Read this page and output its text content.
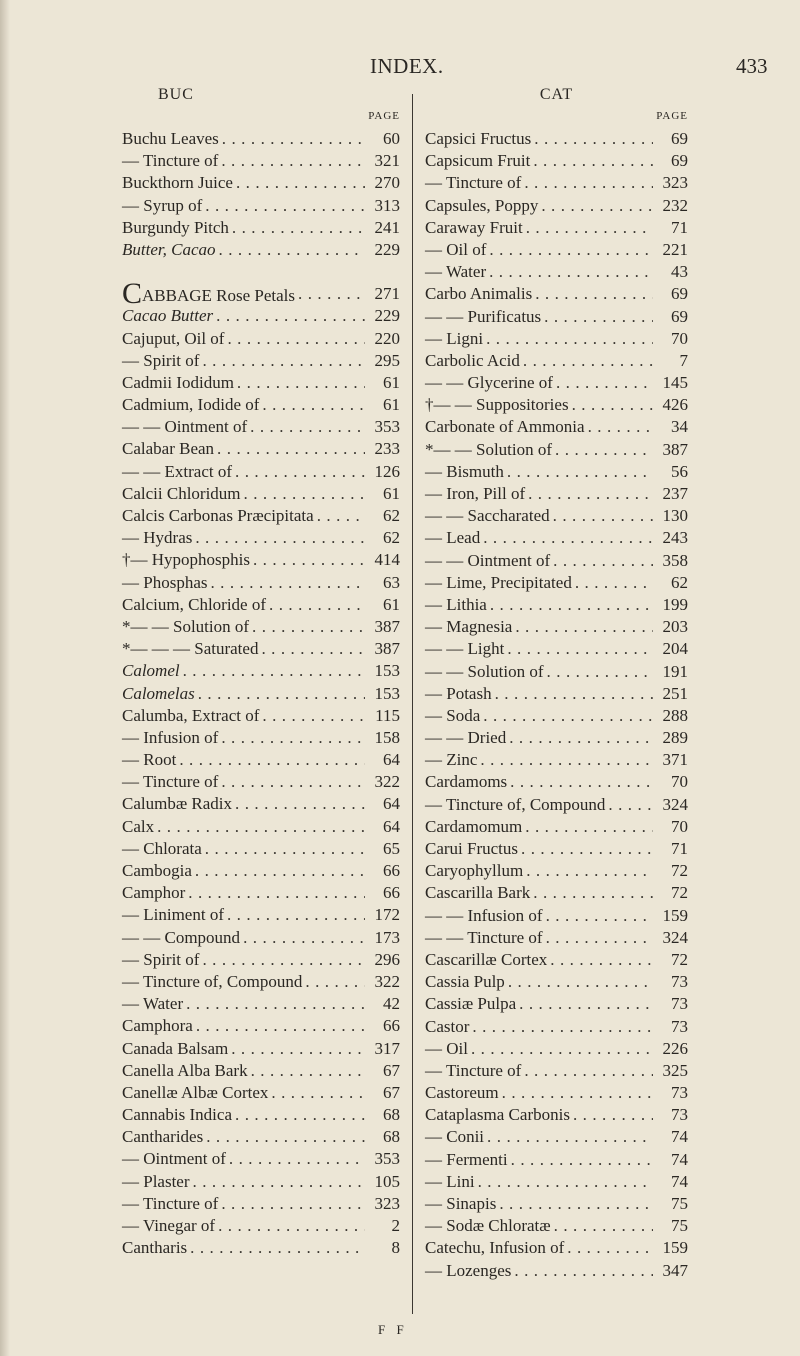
INDEX.	433
BUC
PAGE
Buchu Leaves . . .	60
— Tincture of . . .	321
Buckthorn Juice . . .	270
— Syrup of . . .	313
Burgundy Pitch . . .	241
Butter, Cacao . . .	229
CABBAGE Rose Petals . . .	271
Cacao Butter . . .	229
Cajuput, Oil of . . .	220
— Spirit of . . .	295
Cadmii Iodidum . . .	61
Cadmium, Iodide of . . .	61
— — Ointment of . . .	353
Calabar Bean . . .	233
— — Extract of . . .	126
Calcii Chloridum . . .	61
Calcis Carbonas Præcipitata . . .	62
— Hydras . . .	62
†— Hypophosphis . . .	414
— Phosphas . . .	63
Calcium, Chloride of . . .	61
*— — Solution of . . .	387
*— — — Saturated . . .	387
Calomel . . .	153
Calomelas . . .	153
Calumba, Extract of . . .	115
— Infusion of . . .	158
— Root . . .	64
— Tincture of . . .	322
Calumbæ Radix . . .	64
Calx . . .	64
— Chlorata . . .	65
Cambogia . . .	66
Camphor . . .	66
— Liniment of . . .	172
— — Compound . . .	173
— Spirit of . . .	296
— Tincture of, Compound . . .	322
— Water . . .	42
Camphora . . .	66
Canada Balsam . . .	317
Canella Alba Bark . . .	67
Canellæ Albæ Cortex . . .	67
Cannabis Indica . . .	68
Cantharides . . .	68
— Ointment of . . .	353
— Plaster . . .	105
— Tincture of . . .	323
— Vinegar of . . .	2
Cantharis . . .	8
CAT
PAGE
Capsici Fructus . . .	69
Capsicum Fruit . . .	69
— Tincture of . . .	323
Capsules, Poppy . . .	232
Caraway Fruit . . .	71
— Oil of . . .	221
— Water . . .	43
Carbo Animalis . . .	69
— — Purificatus . . .	69
— Ligni . . .	70
Carbolic Acid . . .	7
— — Glycerine of . . .	145
†— — Suppositories . . .	426
Carbonate of Ammonia . . .	34
*— — Solution of . . .	387
— Bismuth . . .	56
— Iron, Pill of . . .	237
— — Saccharated . . .	130
— Lead . . .	243
— — Ointment of . . .	358
— Lime, Precipitated . . .	62
— Lithia . . .	199
— Magnesia . . .	203
— — Light . . .	204
— — Solution of . . .	191
— Potash . . .	251
— Soda . . .	288
— — Dried . . .	289
— Zinc . . .	371
Cardamoms . . .	70
— Tincture of, Compound . . .	324
Cardamomum . . .	70
Carui Fructus . . .	71
Caryophyllum . . .	72
Cascarilla Bark . . .	72
— — Infusion of . . .	159
— — Tincture of . . .	324
Cascarillæ Cortex . . .	72
Cassia Pulp . . .	73
Cassiæ Pulpa . . .	73
Castor . . .	73
— Oil . . .	226
— Tincture of . . .	325
Castoreum . . .	73
Cataplasma Carbonis . . .	73
— Conii . . .	74
— Fermenti . . .	74
— Lini . . .	74
— Sinapis . . .	75
— Sodæ Chloratæ . . .	75
Catechu, Infusion of . . .	159
— Lozenges . . .	347
F F
